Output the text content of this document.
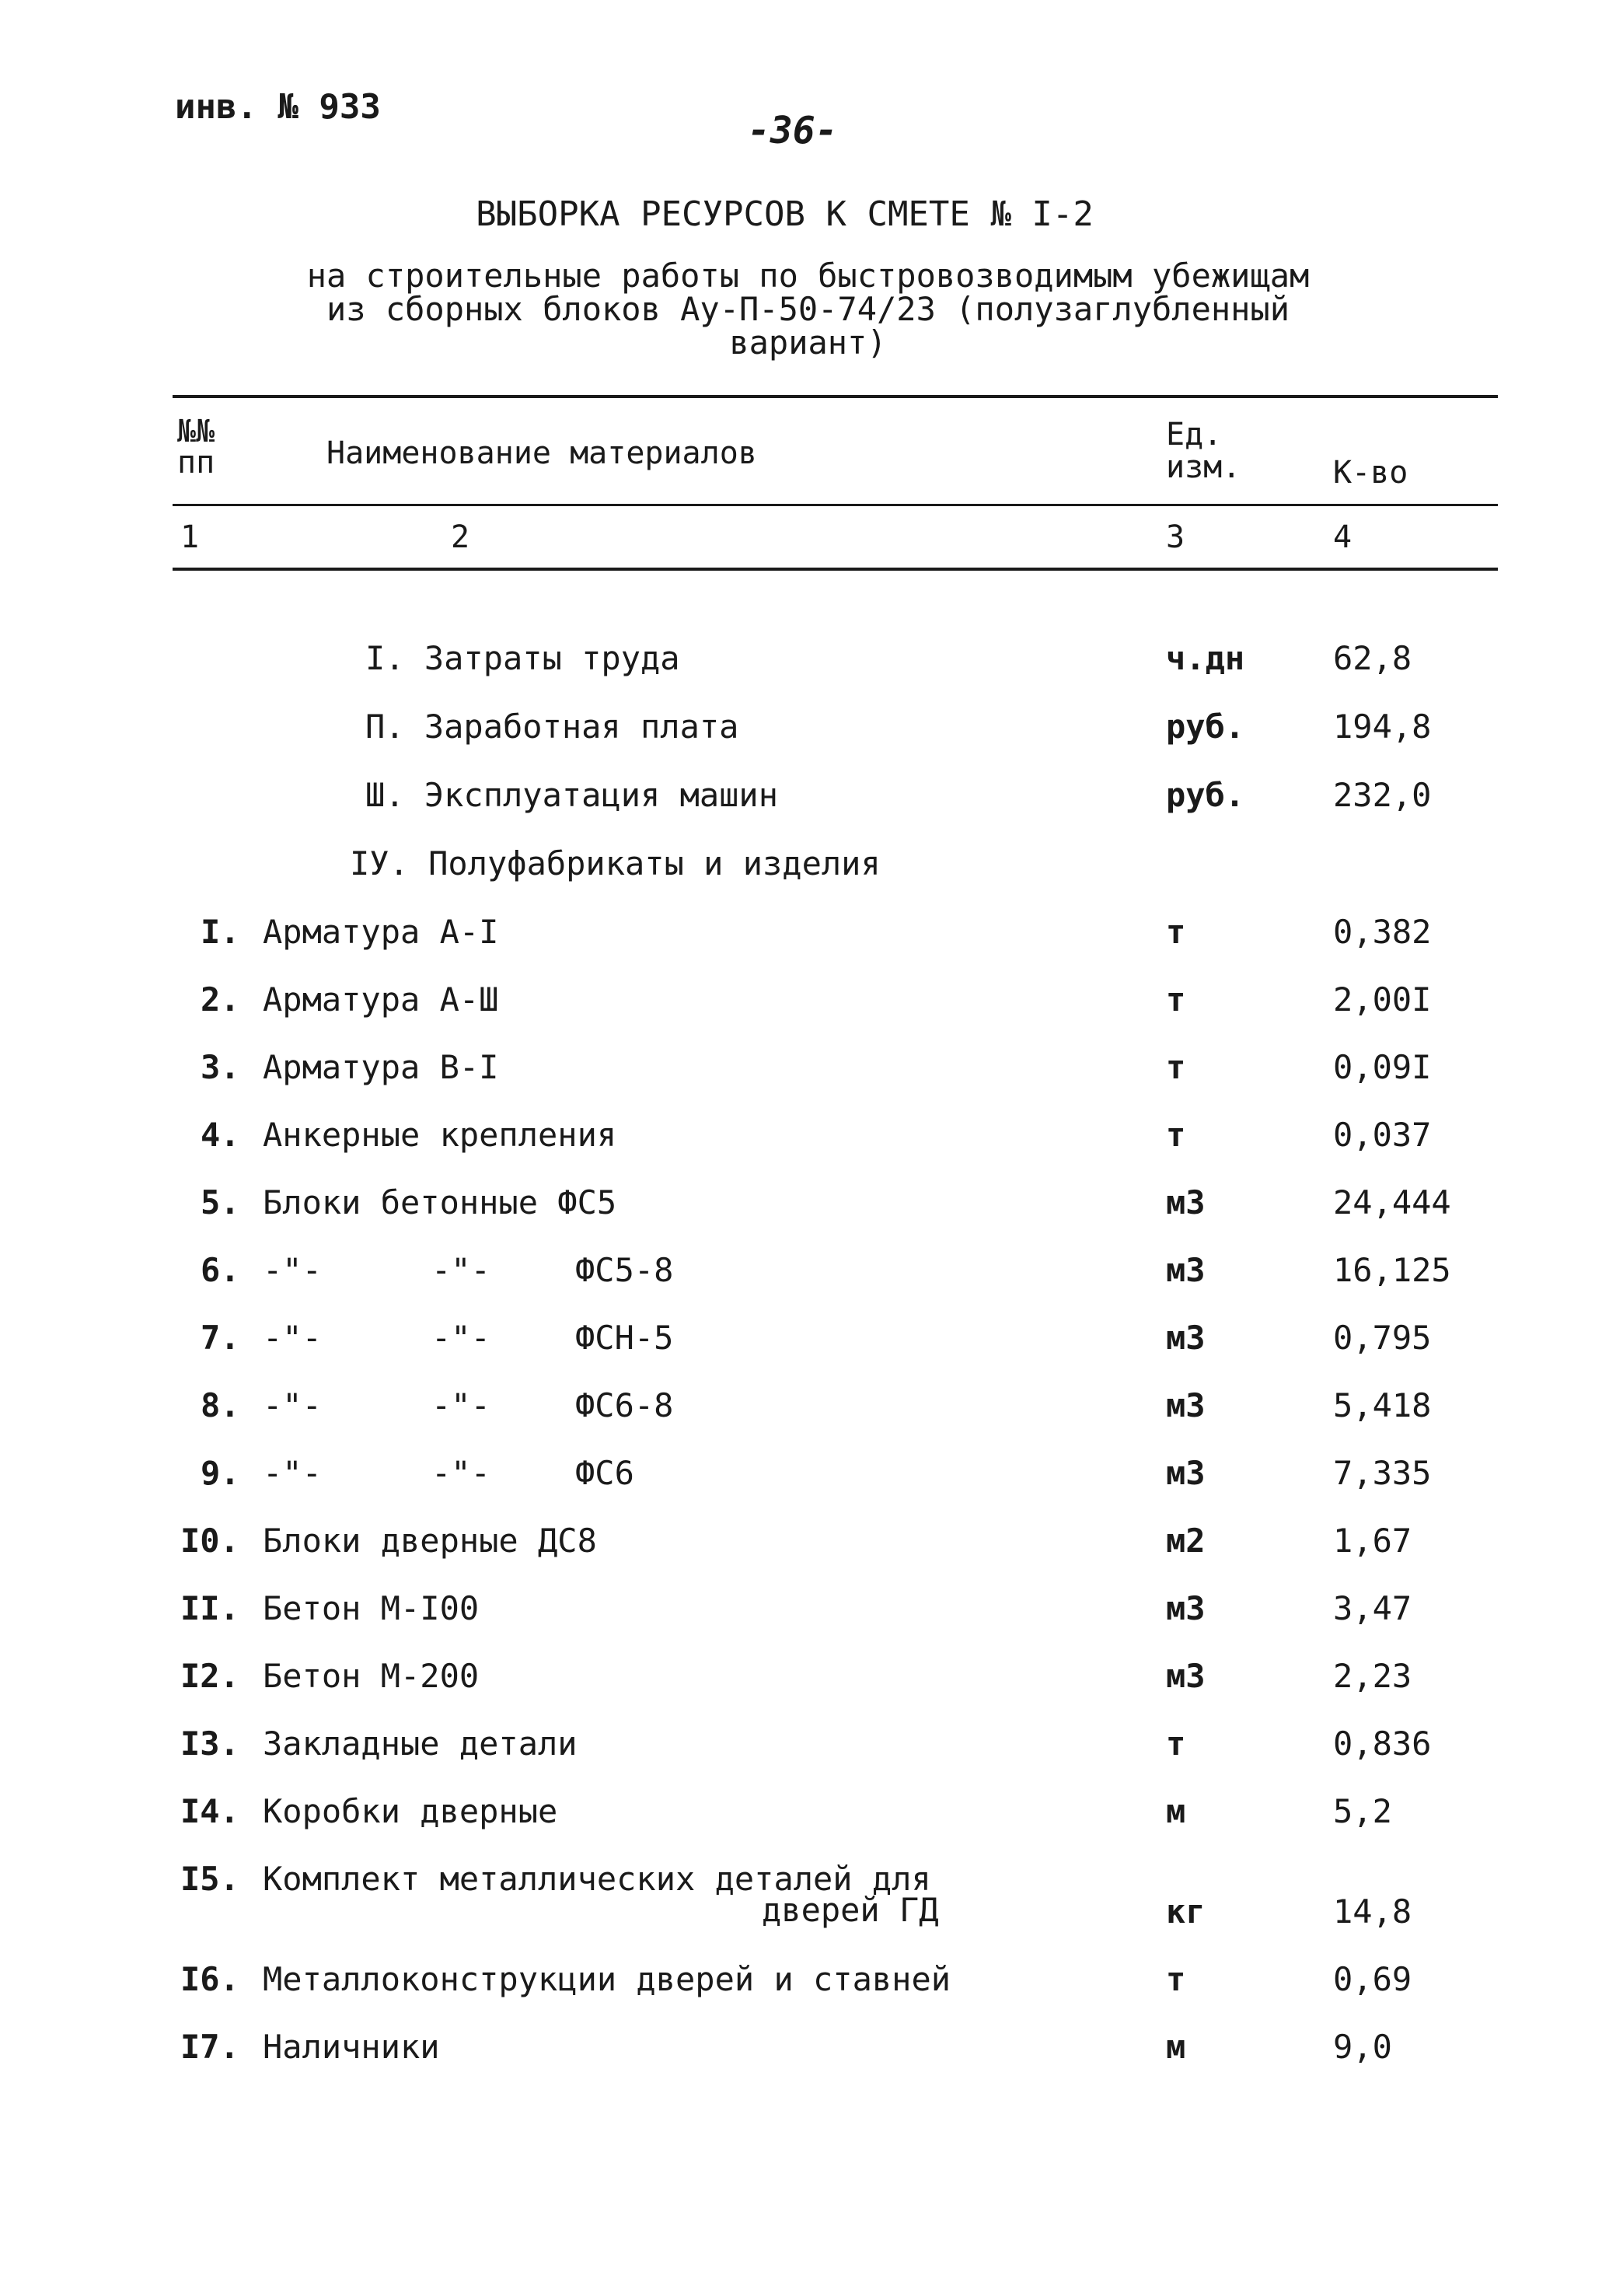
инв. № 933
-36-
ВЫБОРКА РЕСУРСОВ К СМЕТЕ № I-2
на строительные работы по быстровозводимым убежищам
из сборных блоков Ау-П-50-74/23 (полузаглубленный
вариант)
№№ пп	Наименование материалов
Ед. изм.	К-во
1	2	3	4
I. Затраты труда	ч.дн	62,8
П. Заработная плата	руб.	194,8
Ш. Эксплуатация машин	руб.	232,0
IУ. Полуфабрикаты и изделия
I. Арматура А-I	т	0,382
2. Арматура А-Ш	т	2,00I
3. Арматура В-I	т	0,09I
4. Анкерные крепления	т	0,037
5. Блоки бетонные ФС5	м3	24,444
6. -"-	-"-	ФС5-8	м3	16,125
7. -"-	-"-	ФСН-5	м3	0,795
8. -"-	-"-	ФС6-8	м3	5,418
9. -"-	-"-	ФС6	м3	7,335
I0. Блоки дверные ДС8	м2	1,67
II. Бетон М-I00	м3	3,47
I2. Бетон М-200	м3	2,23
I3. Закладные детали	т	0,836
I4. Коробки дверные	м	5,2
I5. Комплект металлических деталей для
дверей ГД	кг	14,8
I6. Металлоконструкции дверей и ставней	т	0,69
I7. Наличники	м	9,0
